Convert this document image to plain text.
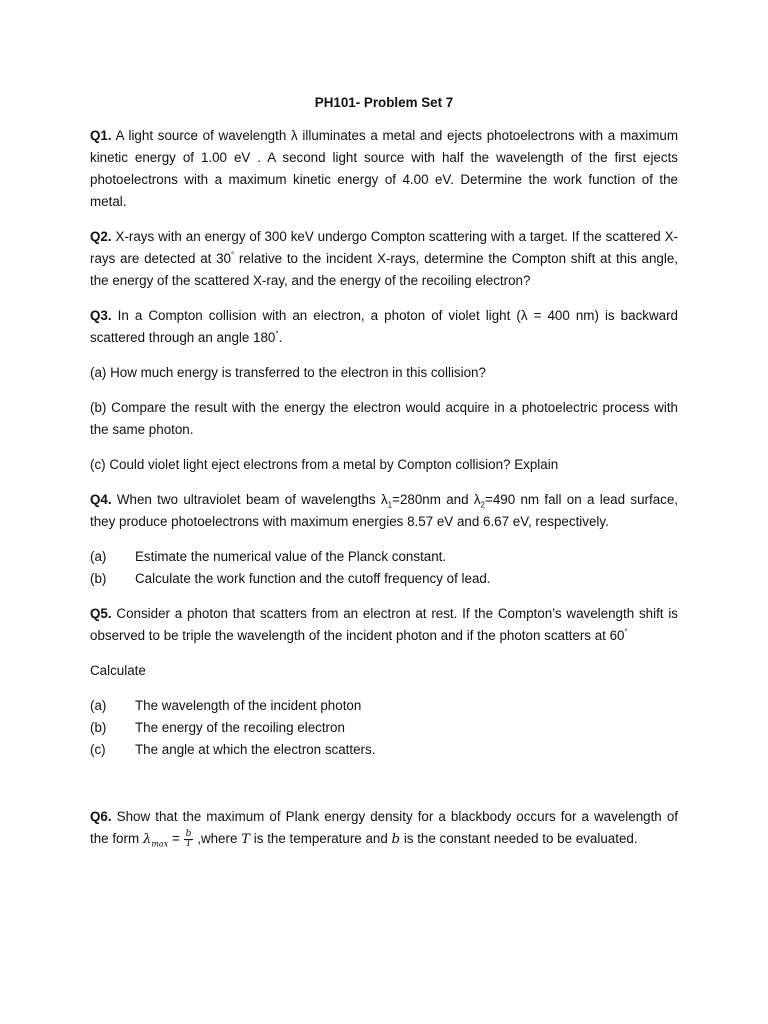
PH101- Problem Set 7
Q1. A light source of wavelength λ illuminates a metal and ejects photoelectrons with a maximum kinetic energy of 1.00 eV . A second light source with half the wavelength of the first ejects photoelectrons with a maximum kinetic energy of 4.00 eV. Determine the work function of the metal.
Q2. X-rays with an energy of 300 keV undergo Compton scattering with a target. If the scattered X-rays are detected at 30° relative to the incident X-rays, determine the Compton shift at this angle, the energy of the scattered X-ray, and the energy of the recoiling electron?
Q3. In a Compton collision with an electron, a photon of violet light (λ = 400 nm) is backward scattered through an angle 180°.
(a) How much energy is transferred to the electron in this collision?
(b) Compare the result with the energy the electron would acquire in a photoelectric process with the same photon.
(c) Could violet light eject electrons from a metal by Compton collision? Explain
Q4. When two ultraviolet beam of wavelengths $\lambda_1=280nm$ and $\lambda_2=490$ nm fall on a lead surface, they produce photoelectrons with maximum energies 8.57 eV and 6.67 eV, respectively.
(a) Estimate the numerical value of the Planck constant.
(b) Calculate the work function and the cutoff frequency of lead.
Q5. Consider a photon that scatters from an electron at rest. If the Compton’s wavelength shift is observed to be triple the wavelength of the incident photon and if the photon scatters at 60°
Calculate
(a) The wavelength of the incident photon
(b) The energy of the recoiling electron
(c) The angle at which the electron scatters.
Q6. Show that the maximum of Plank energy density for a blackbody occurs for a wavelength of the form $\lambda_{max} = \frac{b}{T}$ ,where T is the temperature and b is the constant needed to be evaluated.
